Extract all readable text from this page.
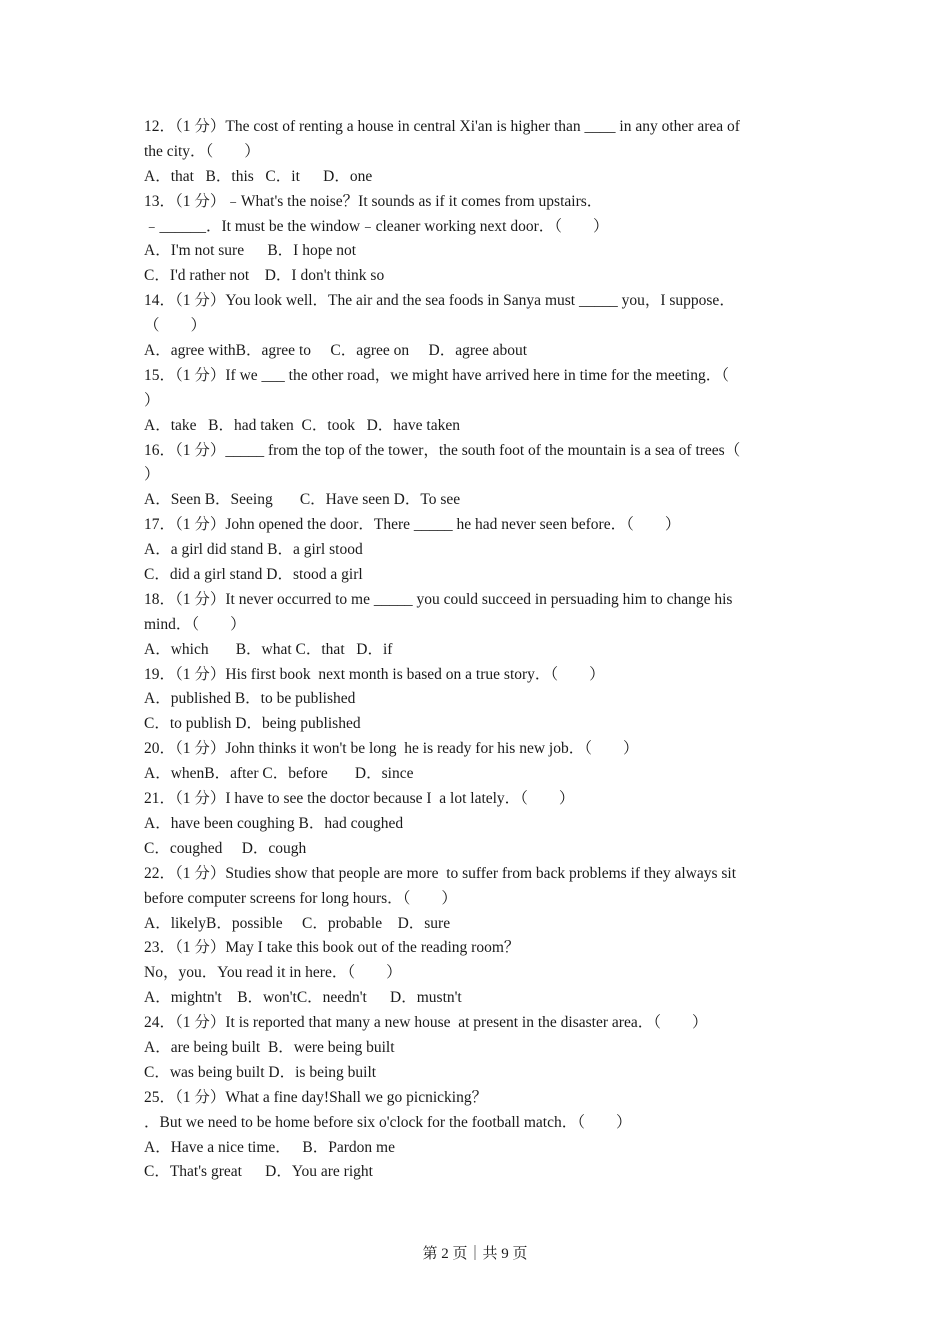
12．（1 分）The cost of renting a house in central Xi'an is higher than ____ in any other area of
the city．（　　）
A．that   B．this   C．it      D．one
13．（1 分）﹣What's the noise？It sounds as if it comes from upstairs．
﹣______．It must be the window﹣cleaner working next door．（　　）
A．I'm not sure      B．I hope not
C．I'd rather not    D．I don't think so
14．（1 分）You look well．The air and the sea foods in Sanya must _____ you，I suppose．
（　　）
A．agree withB．agree to     C．agree on     D．agree about
15．（1 分）If we ___ the other road，we might have arrived here in time for the meeting．（
）
A．take   B．had taken  C．took   D．have taken
16．（1 分）_____ from the top of the tower，the south foot of the mountain is a sea of trees（
）
A．Seen B．Seeing       C．Have seen D．To see
17．（1 分）John opened the door．There _____ he had never seen before．（　　）
A．a girl did stand B．a girl stood
C．did a girl stand D．stood a girl
18．（1 分）It never occurred to me _____ you could succeed in persuading him to change his
mind．（　　）
A．which       B．what C．that   D．if
19．（1 分）His first book  next month is based on a true story．（　　）
A．published B．to be published
C．to publish D．being published
20．（1 分）John thinks it won't be long  he is ready for his new job．（　　）
A．whenB．after C．before       D．since
21．（1 分）I have to see the doctor because I  a lot lately．（　　）
A．have been coughing B．had coughed
C．coughed     D．cough
22．（1 分）Studies show that people are more  to suffer from back problems if they always sit
before computer screens for long hours．（　　）
A．likelyB．possible     C．probable    D．sure
23．（1 分）May I take this book out of the reading room？
No，you．You read it in here．（　　）
A．mightn't    B．won'tC．needn't      D．mustn't
24．（1 分）It is reported that many a new house  at present in the disaster area．（　　）
A．are being built  B．were being built
C．was being built D．is being built
25．（1 分）What a fine day!Shall we go picnicking？
．But we need to be home before six o'clock for the football match．（　　）
A．Have a nice time．   B．Pardon me
C．That's great      D．You are right
第 2 页｜共 9 页
